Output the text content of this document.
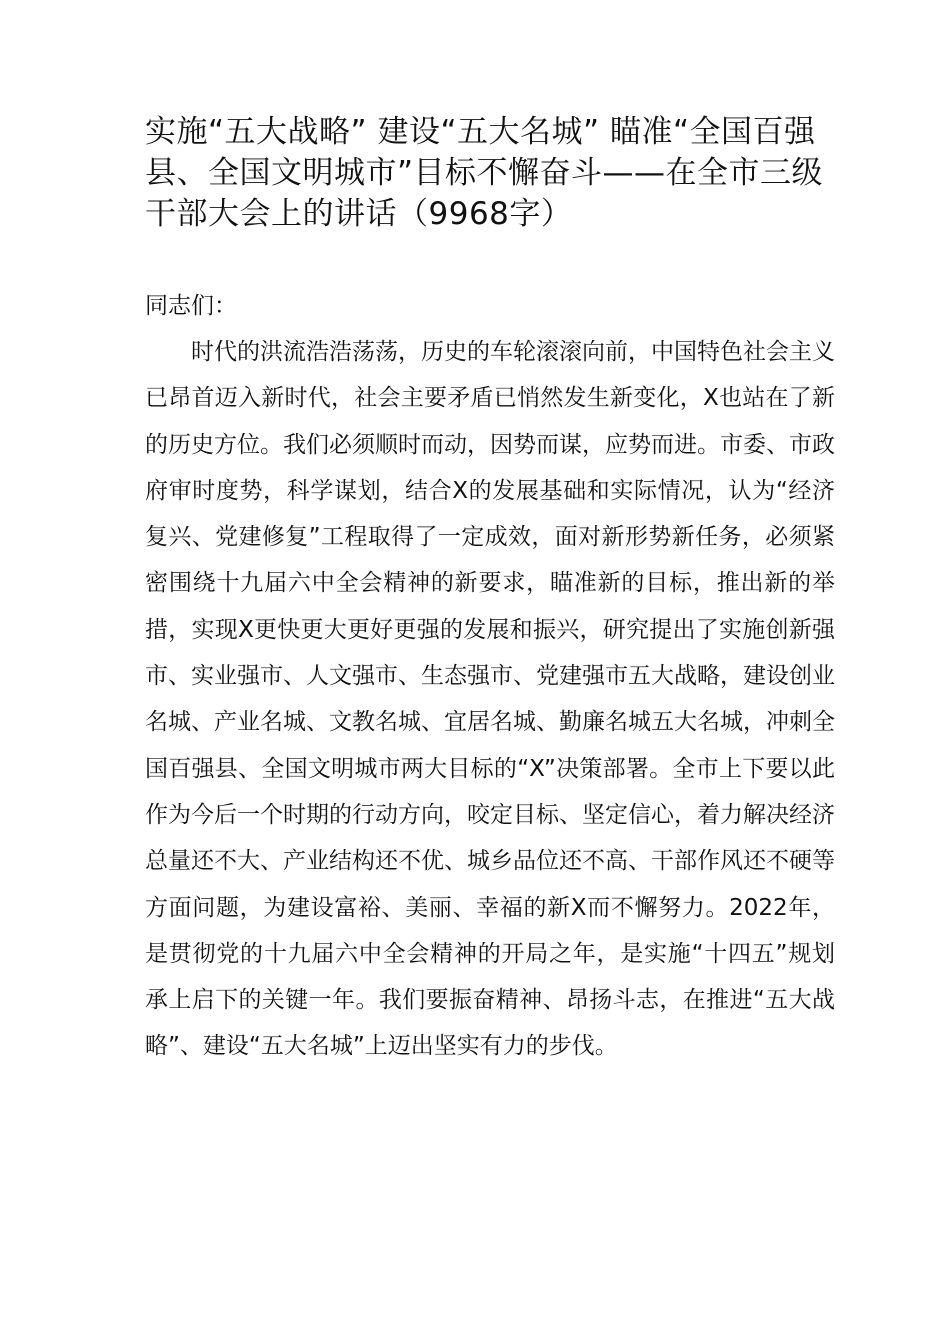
实施“五大战略” 建设“五大名城” 瞄准“全国百强县、全国文明城市”目标不懈奋斗——在全市三级干部大会上的讲话（9968字）

同志们：

时代的洪流浩浩荡荡，历史的车轮滚滚向前，中国特色社会主义已昂首迈入新时代，社会主要矛盾已悄然发生新变化，X也站在了新的历史方位。我们必须顺时而动，因势而谋，应势而进。市委、市政府审时度势，科学谋划，结合X的发展基础和实际情况，认为“经济复兴、党建修复”工程取得了一定成效，面对新形势新任务，必须紧密围绕十九届六中全会精神的新要求，瞄准新的目标，推出新的举措，实现X更快更大更好更强的发展和振兴，研究提出了实施创新强市、实业强市、人文强市、生态强市、党建强市五大战略，建设创业名城、产业名城、文教名城、宜居名城、勤廉名城五大名城，冲刺全国百强县、全国文明城市两大目标的“X”决策部署。全市上下要以此作为今后一个时期的行动方向，咬定目标、坚定信心，着力解决经济总量还不大、产业结构还不优、城乡品位还不高、干部作风还不硬等方面问题，为建设富裕、美丽、幸福的新X而不懈努力。2022年，是贯彻党的十九届六中全会精神的开局之年，是实施“十四五”规划承上启下的关键一年。我们要振奋精神、昂扬斗志，在推进“五大战略”、建设“五大名城”上迈出坚实有力的步伐。
